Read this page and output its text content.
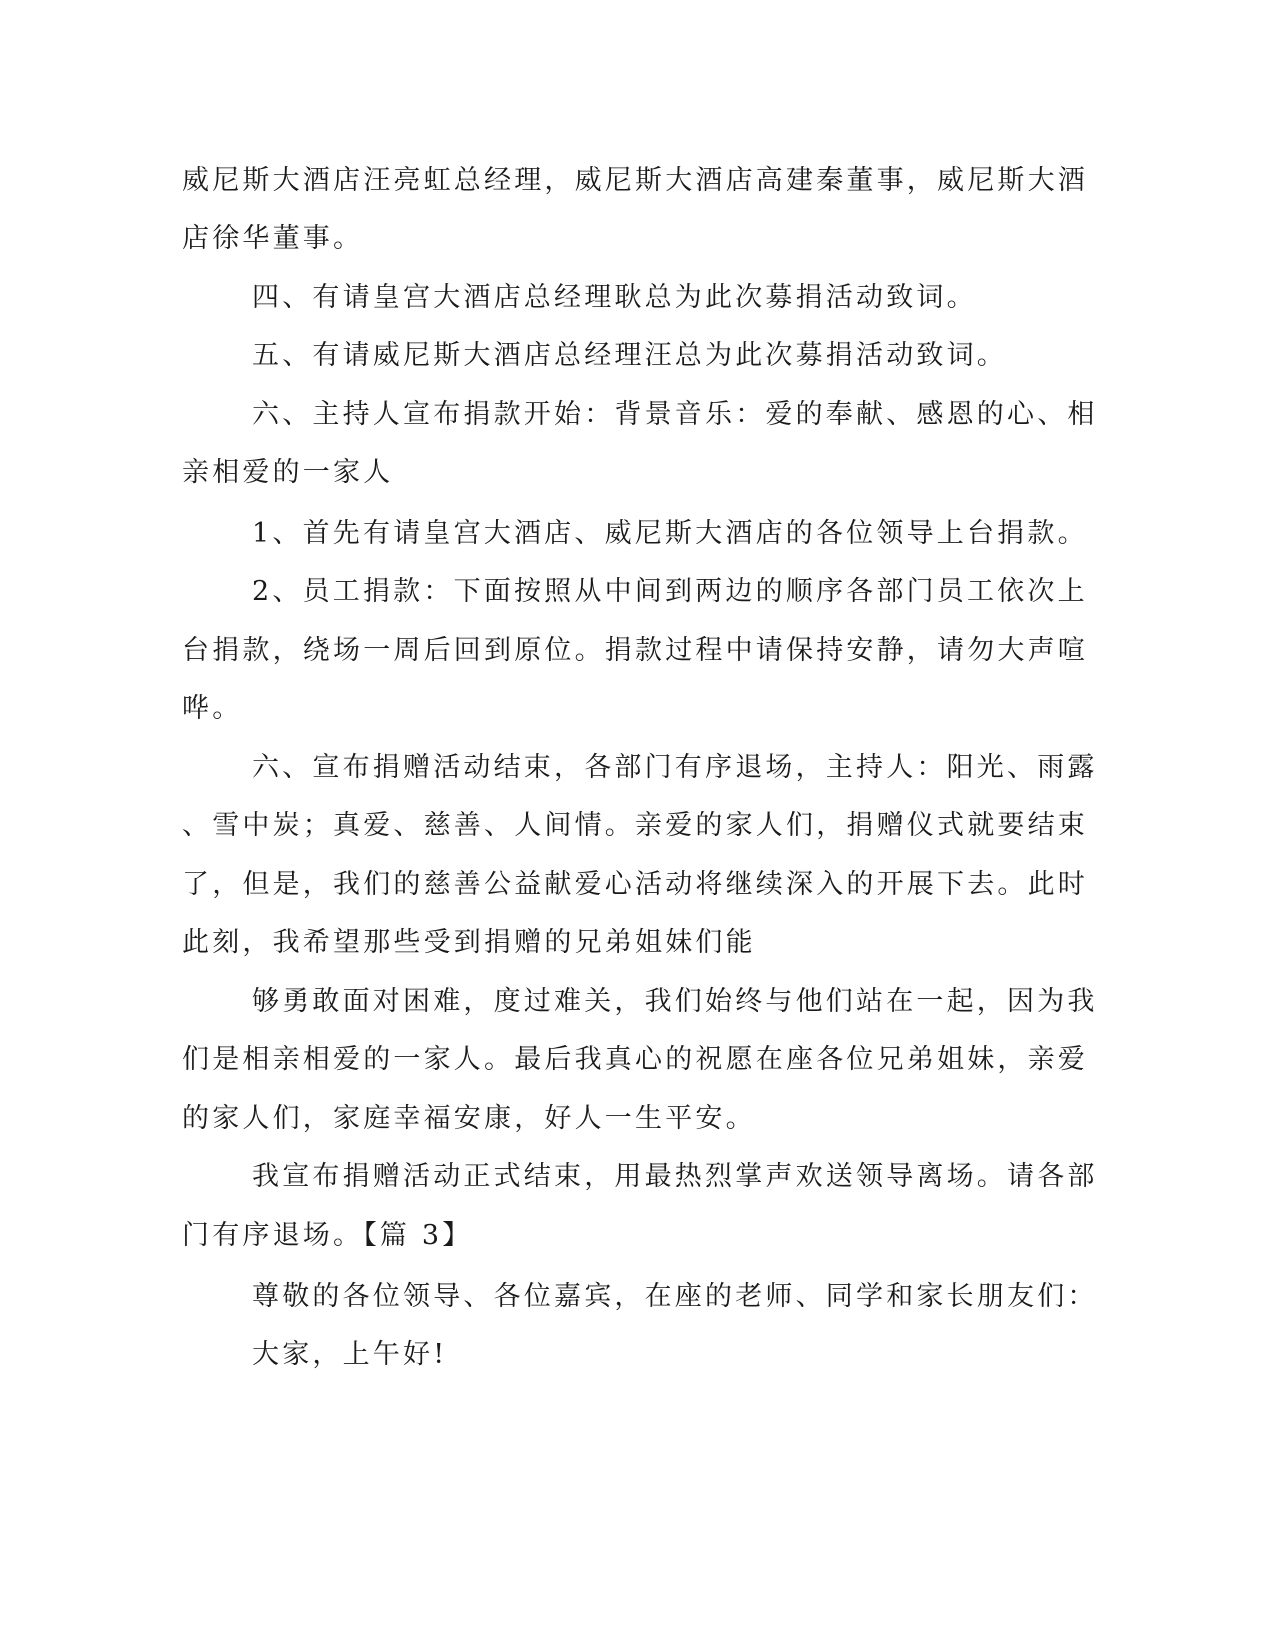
威尼斯大酒店汪亮虹总经理，威尼斯大酒店高建秦董事，威尼斯大酒
店徐华董事。
四、有请皇宫大酒店总经理耿总为此次募捐活动致词。
五、有请威尼斯大酒店总经理汪总为此次募捐活动致词。
六、主持人宣布捐款开始：背景音乐：爱的奉献、感恩的心、相
亲相爱的一家人
1、首先有请皇宫大酒店、威尼斯大酒店的各位领导上台捐款。
2、员工捐款：下面按照从中间到两边的顺序各部门员工依次上
台捐款，绕场一周后回到原位。捐款过程中请保持安静，请勿大声喧
哗。
六、宣布捐赠活动结束，各部门有序退场，主持人：阳光、雨露
、雪中炭；真爱、慈善、人间情。亲爱的家人们，捐赠仪式就要结束
了，但是，我们的慈善公益献爱心活动将继续深入的开展下去。此时
此刻，我希望那些受到捐赠的兄弟姐妹们能
够勇敢面对困难，度过难关，我们始终与他们站在一起，因为我
们是相亲相爱的一家人。最后我真心的祝愿在座各位兄弟姐妹，亲爱
的家人们，家庭幸福安康，好人一生平安。
我宣布捐赠活动正式结束，用最热烈掌声欢送领导离场。请各部
门有序退场。【篇 3】
尊敬的各位领导、各位嘉宾，在座的老师、同学和家长朋友们：
大家，上午好!
